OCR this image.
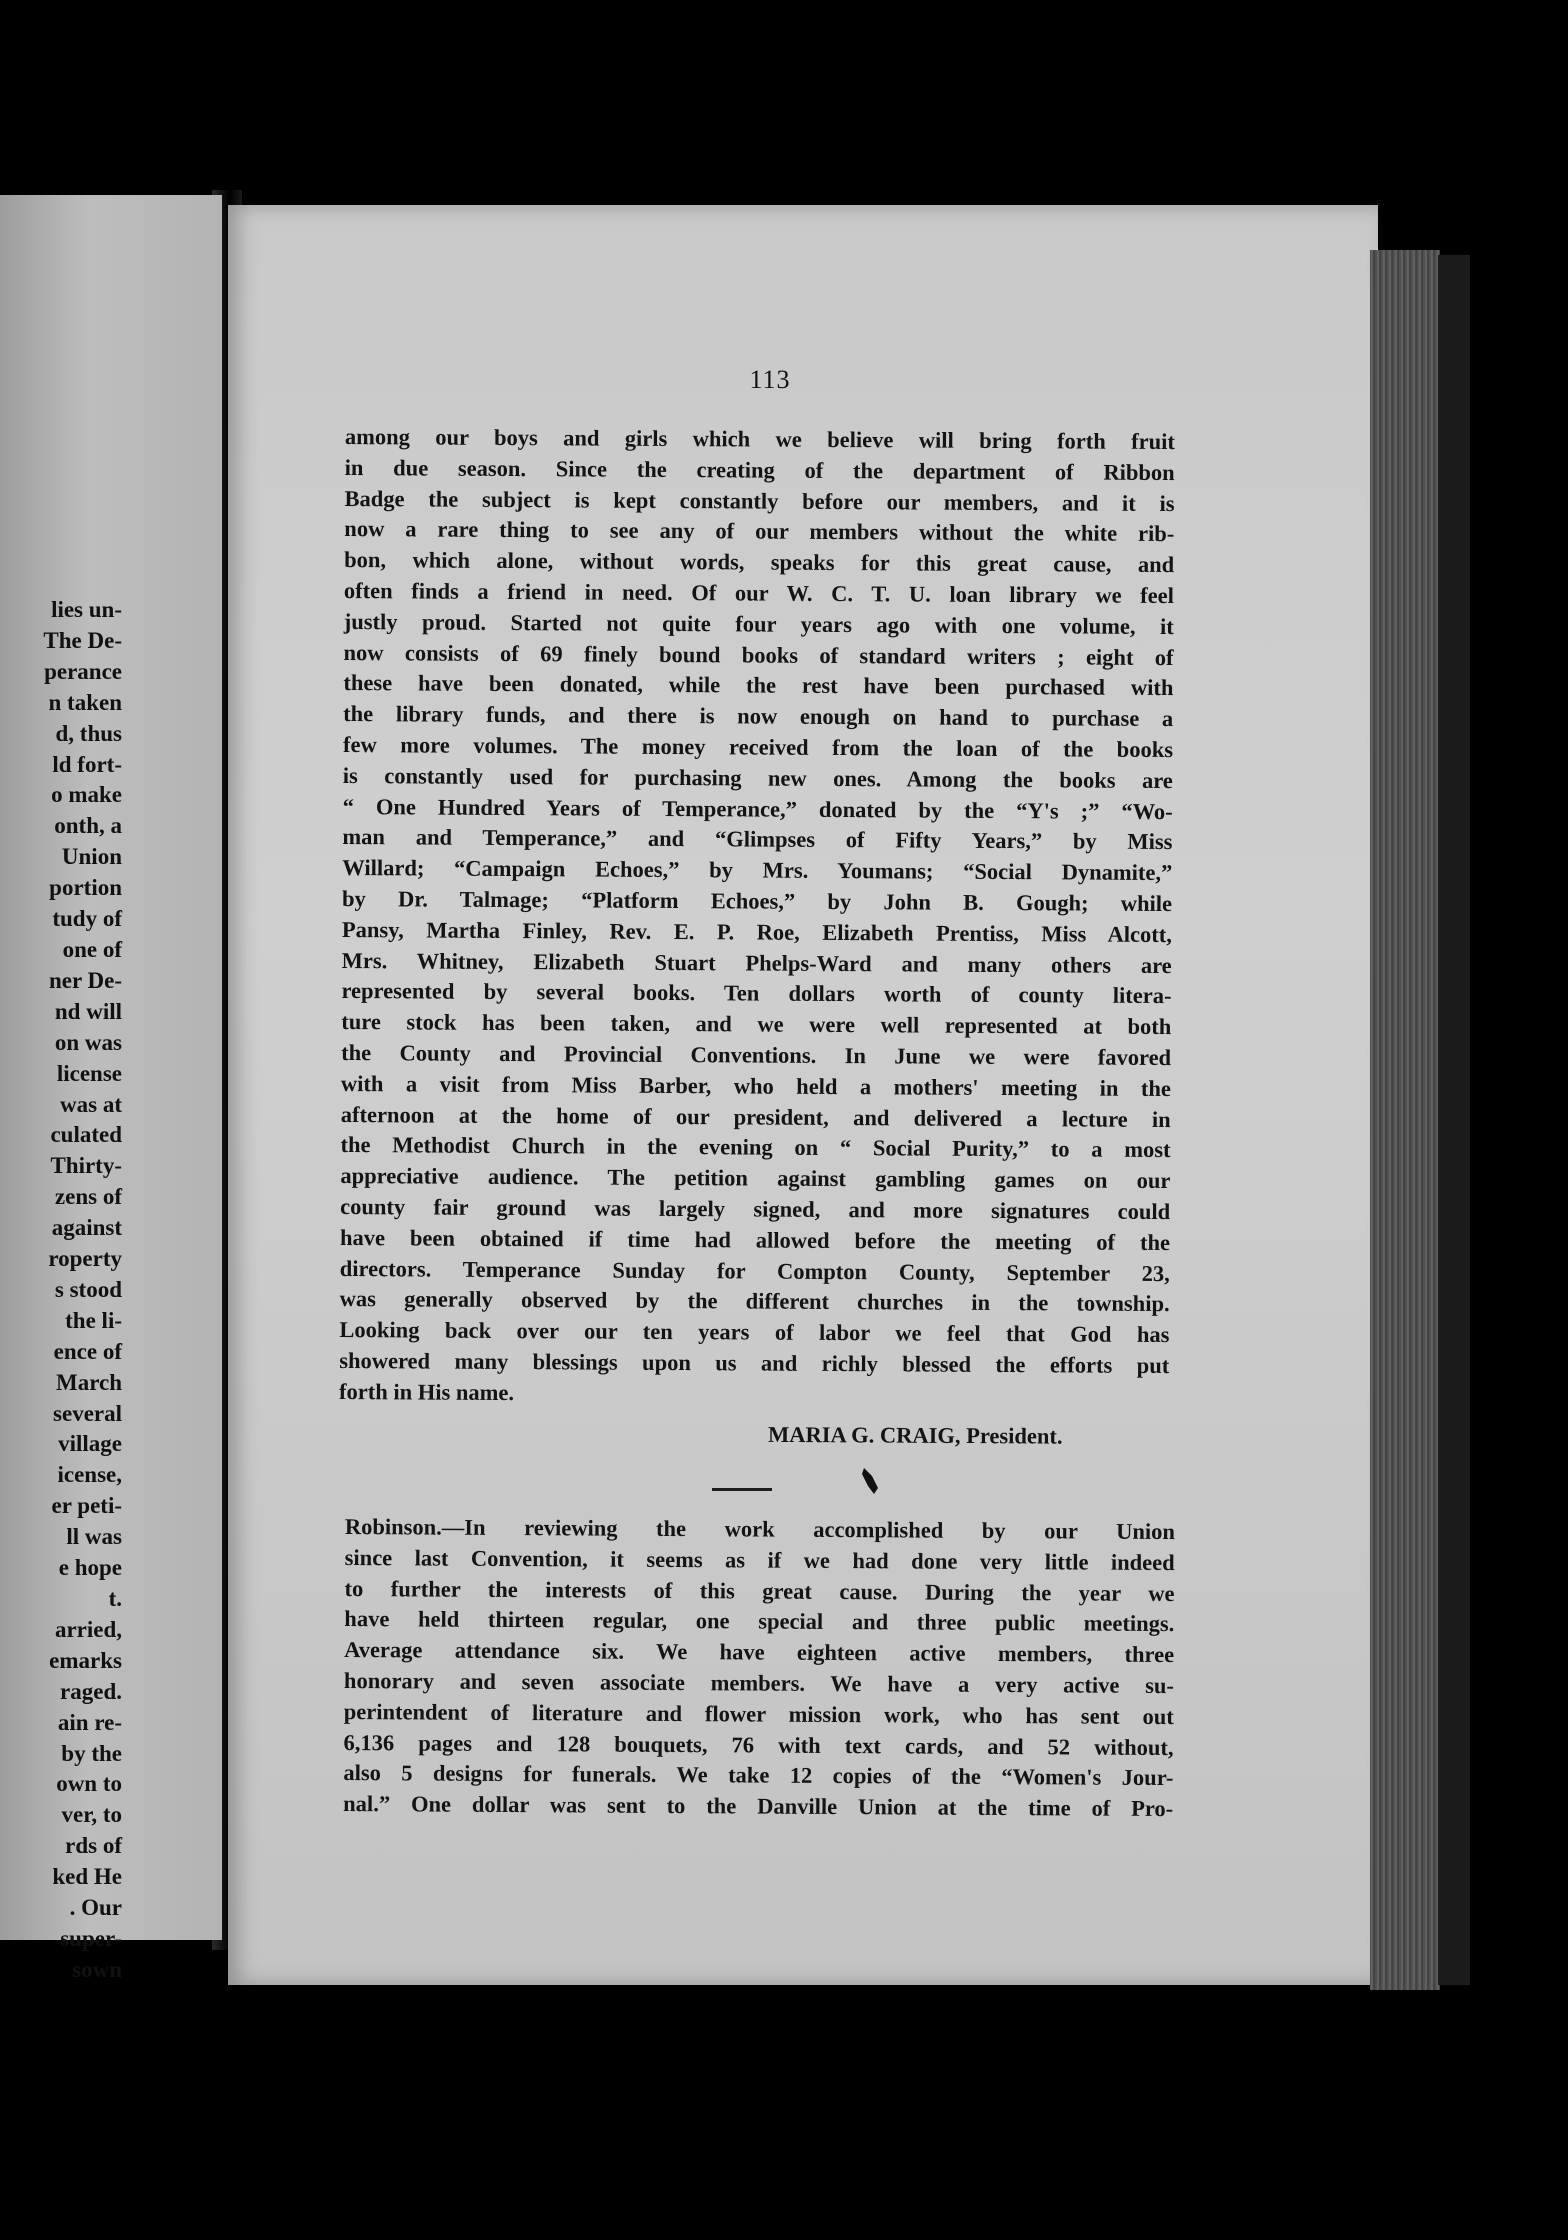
lies un-
The De-
perance
n taken
d, thus
ld fort-
o make
onth, a
Union
portion
tudy of
one of
ner De-
nd will
on was
license
was at
culated
Thirty-
zens of
against
roperty
s stood
the li-
ence of
March
several
village
icense,
er peti-
ll was
e hope
t.
arried,
emarks
raged.
ain re-
by the
own to
ver, to
rds of
ked He
. Our
super-
sown
113
among our boys and girls which we believe will bring forth fruit
in due season. Since the creating of the department of Ribbon
Badge the subject is kept constantly before our members, and it is
now a rare thing to see any of our members without the white rib-
bon, which alone, without words, speaks for this great cause, and
often finds a friend in need. Of our W. C. T. U. loan library we feel
justly proud. Started not quite four years ago with one volume, it
now consists of 69 finely bound books of standard writers ; eight of
these have been donated, while the rest have been purchased with
the library funds, and there is now enough on hand to purchase a
few more volumes. The money received from the loan of the books
is constantly used for purchasing new ones. Among the books are
“ One Hundred Years of Temperance,” donated by the “Y's ;” “Wo-
man and Temperance,” and “Glimpses of Fifty Years,” by Miss
Willard; “Campaign Echoes,” by Mrs. Youmans; “Social Dynamite,”
by Dr. Talmage; “Platform Echoes,” by John B. Gough; while
Pansy, Martha Finley, Rev. E. P. Roe, Elizabeth Prentiss, Miss Alcott,
Mrs. Whitney, Elizabeth Stuart Phelps-Ward and many others are
represented by several books. Ten dollars worth of county litera-
ture stock has been taken, and we were well represented at both
the County and Provincial Conventions. In June we were favored
with a visit from Miss Barber, who held a mothers' meeting in the
afternoon at the home of our president, and delivered a lecture in
the Methodist Church in the evening on “ Social Purity,” to a most
appreciative audience. The petition against gambling games on our
county fair ground was largely signed, and more signatures could
have been obtained if time had allowed before the meeting of the
directors. Temperance Sunday for Compton County, September 23,
was generally observed by the different churches in the township.
Looking back over our ten years of labor we feel that God has
showered many blessings upon us and richly blessed the efforts put
forth in His name.
MARIA G. CRAIG, President.
Robinson.—In reviewing the work accomplished by our Union
since last Convention, it seems as if we had done very little indeed
to further the interests of this great cause. During the year we
have held thirteen regular, one special and three public meetings.
Average attendance six. We have eighteen active members, three
honorary and seven associate members. We have a very active su-
perintendent of literature and flower mission work, who has sent out
6,136 pages and 128 bouquets, 76 with text cards, and 52 without,
also 5 designs for funerals. We take 12 copies of the “Women's Jour-
nal.” One dollar was sent to the Danville Union at the time of Pro-
